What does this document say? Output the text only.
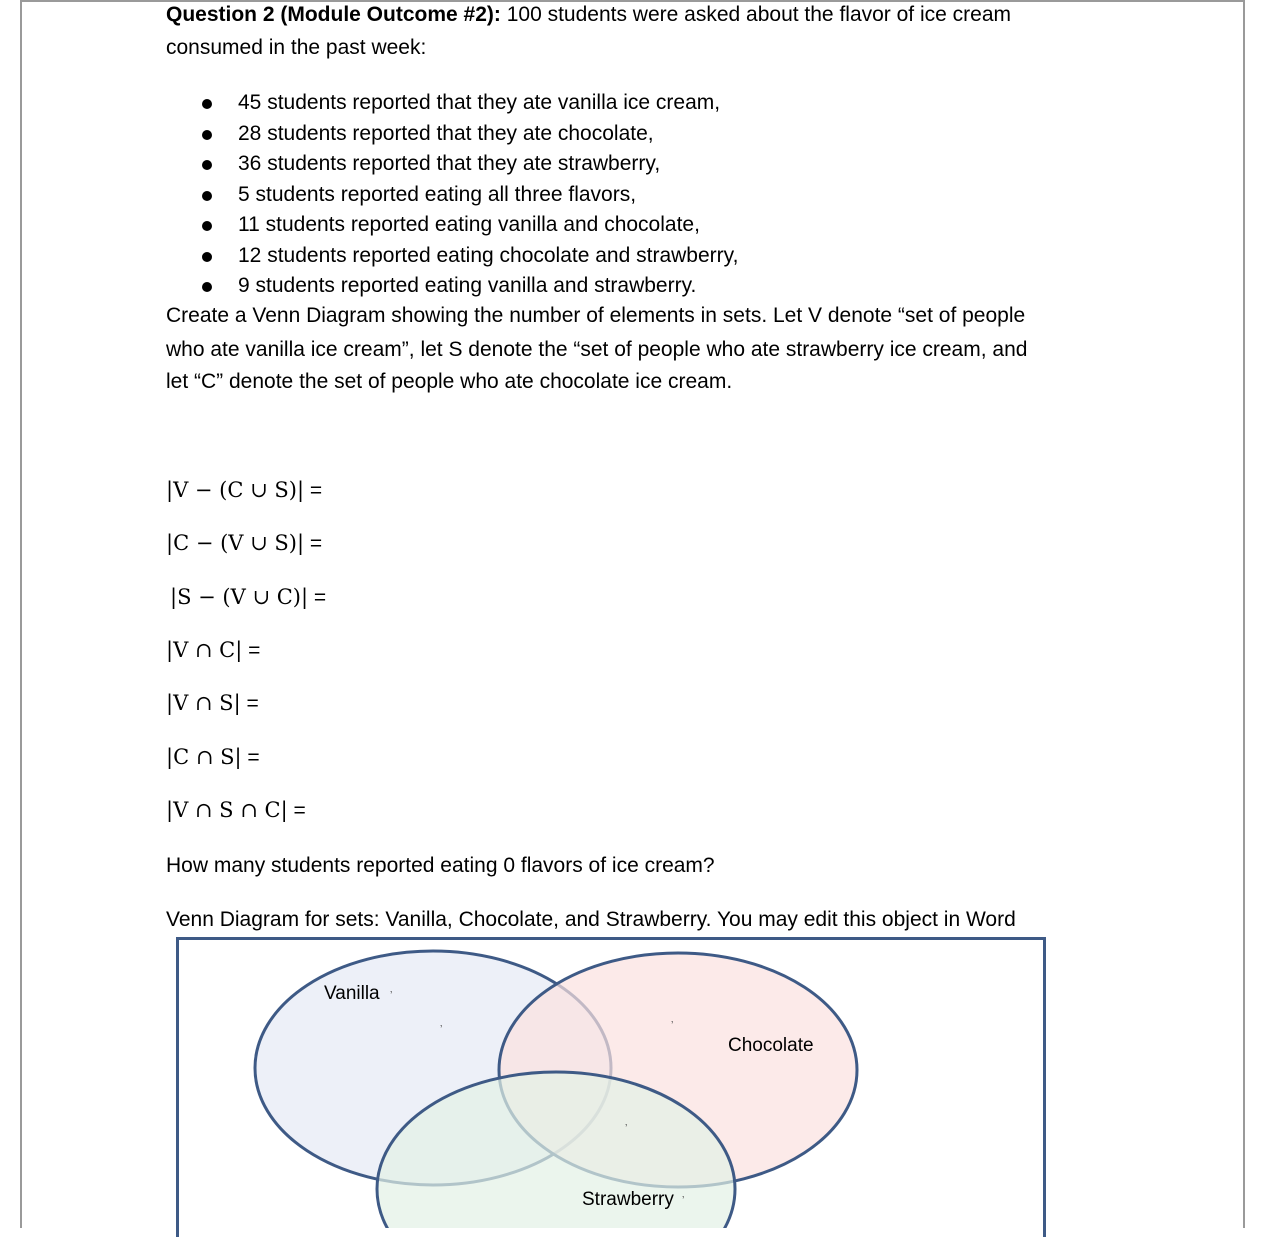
Question 2 (Module Outcome #2): 100 students were asked about the flavor of ice cream
consumed in the past week:
45 students reported that they ate vanilla ice cream,
28 students reported that they ate chocolate,
36 students reported that they ate strawberry,
5 students reported eating all three flavors,
11 students reported eating vanilla and chocolate,
12 students reported eating chocolate and strawberry,
9 students reported eating vanilla and strawberry.
Create a Venn Diagram showing the number of elements in sets. Let V denote “set of people
who ate vanilla ice cream”, let S denote the “set of people who ate strawberry ice cream, and
let “C” denote the set of people who ate chocolate ice cream.
|V − (C ∪ S)| =
|C − (V ∪ S)| =
|S − (V ∪ C)| =
|V ∩ C| =
|V ∩ S| =
|C ∩ S| =
|V ∩ S ∩ C| =
How many students reported eating 0 flavors of ice cream?
Venn Diagram for sets: Vanilla, Chocolate, and Strawberry. You may edit this object in Word
Vanilla
Chocolate
Strawberry
ʼ
ʼ	ʼ
ʼ
ʼ
